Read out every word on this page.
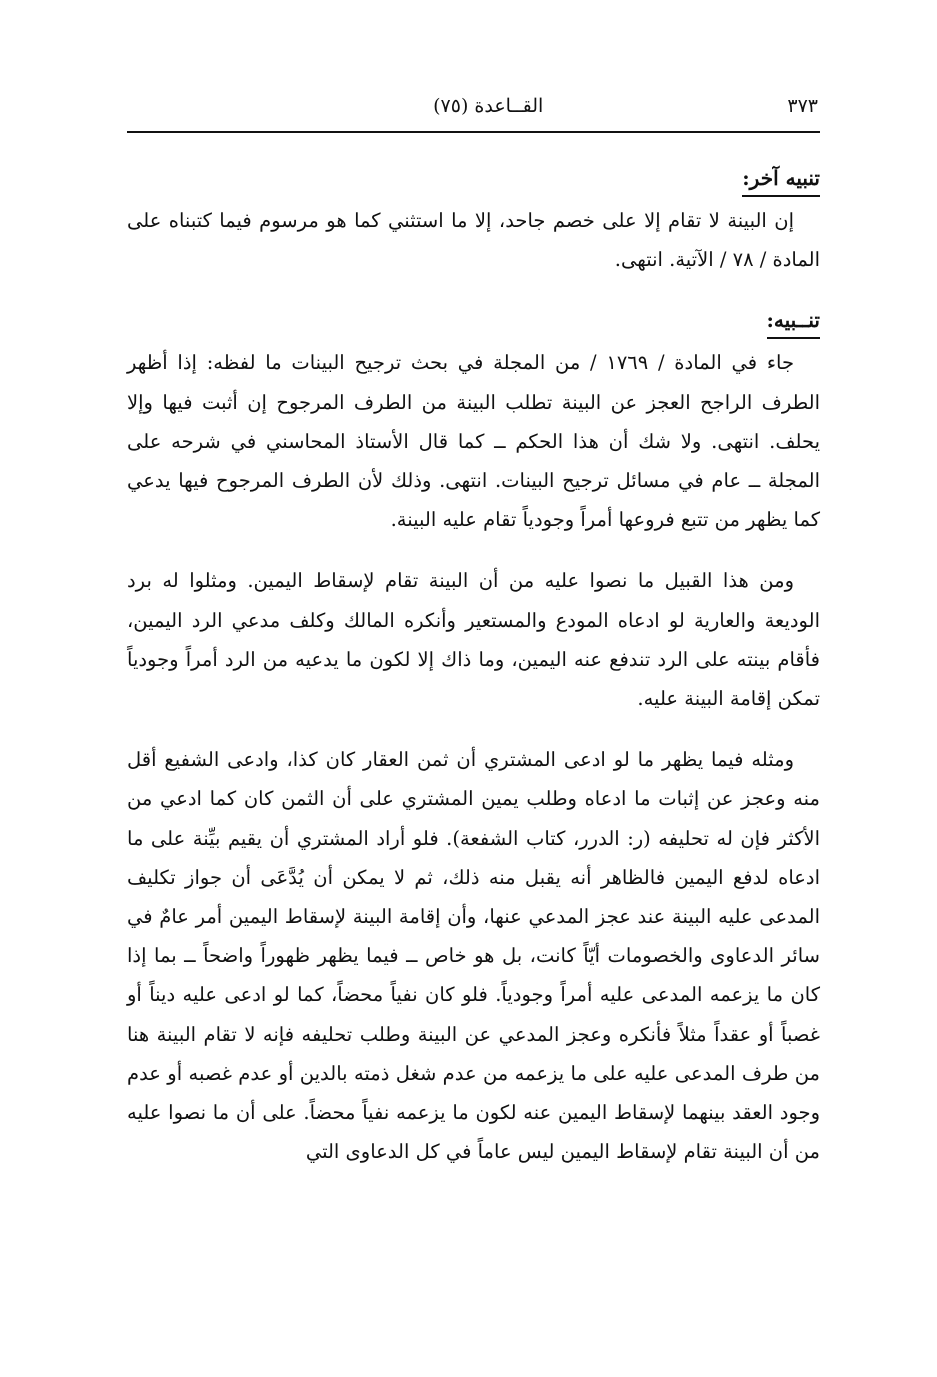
٣٧٣
القــاعدة (٧٥)
تنبيه آخر:

إن البينة لا تقام إلا على خصم جاحد، إلا ما استثني كما هو مرسوم فيما كتبناه على المادة / ٧٨ / الآتية. انتهى.

تنــبيه:

جاء في المادة / ١٧٦٩ / من المجلة في بحث ترجيح البينات ما لفظه: إذا أظهر الطرف الراجح العجز عن البينة تطلب البينة من الطرف المرجوح إن أثبت فيها وإلا يحلف. انتهى. ولا شك أن هذا الحكم ــ كما قال الأستاذ المحاسني في شرحه على المجلة ــ عام في مسائل ترجيح البينات. انتهى. وذلك لأن الطرف المرجوح فيها يدعي كما يظهر من تتبع فروعها أمراً وجودياً تقام عليه البينة.

ومن هذا القبيل ما نصوا عليه من أن البينة تقام لإسقاط اليمين. ومثلوا له برد الوديعة والعارية لو ادعاه المودع والمستعير وأنكره المالك وكلف مدعي الرد اليمين، فأقام بينته على الرد تندفع عنه اليمين، وما ذاك إلا لكون ما يدعيه من الرد أمراً وجودياً تمكن إقامة البينة عليه.

ومثله فيما يظهر ما لو ادعى المشتري أن ثمن العقار كان كذا، وادعى الشفيع أقل منه وعجز عن إثبات ما ادعاه وطلب يمين المشتري على أن الثمن كان كما ادعي من الأكثر فإن له تحليفه (ر: الدرر، كتاب الشفعة). فلو أراد المشتري أن يقيم بيِّنة على ما ادعاه لدفع اليمين فالظاهر أنه يقبل منه ذلك، ثم لا يمكن أن يُدَّعَى أن جواز تكليف المدعى عليه البينة عند عجز المدعي عنها، وأن إقامة البينة لإسقاط اليمين أمر عامٌ في سائر الدعاوى والخصومات أيّاً كانت، بل هو خاص ــ فيما يظهر ظهوراً واضحاً ــ بما إذا كان ما يزعمه المدعى عليه أمراً وجودياً. فلو كان نفياً محضاً، كما لو ادعى عليه ديناً أو غصباً أو عقداً مثلاً فأنكره وعجز المدعي عن البينة وطلب تحليفه فإنه لا تقام البينة هنا من طرف المدعى عليه على ما يزعمه من عدم شغل ذمته بالدين أو عدم غصبه أو عدم وجود العقد بينهما لإسقاط اليمين عنه لكون ما يزعمه نفياً محضاً. على أن ما نصوا عليه من أن البينة تقام لإسقاط اليمين ليس عاماً في كل الدعاوى التي
